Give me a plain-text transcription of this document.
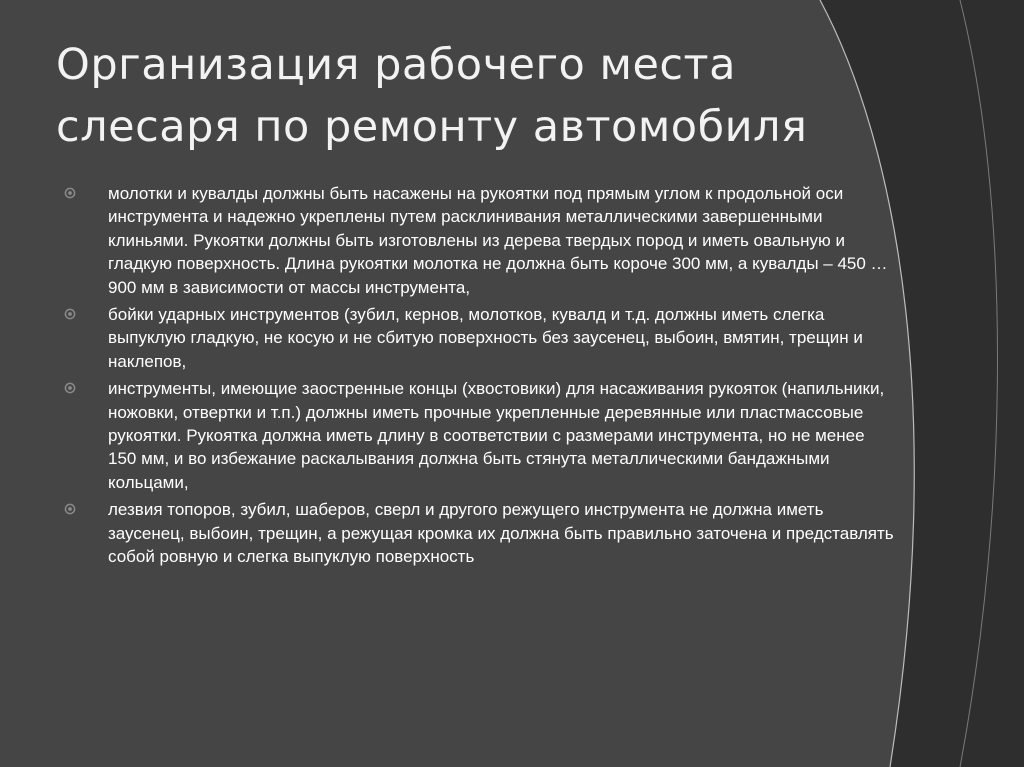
Организация рабочего места
слесаря по ремонту автомобиля
молотки и кувалды должны быть насажены на рукоятки под прямым углом к продольной оси инструмента и надежно укреплены путем расклинивания металлическими завершенными клиньями. Рукоятки должны быть изготовлены из дерева твердых пород и иметь овальную и гладкую поверхность. Длина рукоятки молотка не должна быть короче 300 мм, а кувалды – 450 … 900 мм в зависимости от массы инструмента,
бойки ударных инструментов (зубил, кернов, молотков, кувалд и т.д. должны иметь слегка выпуклую гладкую, не косую и не сбитую поверхность без заусенец, выбоин, вмятин, трещин и наклепов,
инструменты, имеющие заостренные концы (хвостовики) для насаживания рукояток (напильники, ножовки, отвертки и т.п.) должны иметь прочные укрепленные деревянные или пластмассовые рукоятки. Рукоятка должна иметь длину в соответствии с размерами инструмента, но не менее 150 мм, и во избежание раскалывания должна быть стянута металлическими бандажными кольцами,
лезвия топоров, зубил, шаберов, сверл и другого режущего инструмента не должна иметь заусенец, выбоин, трещин, а режущая кромка их должна быть правильно заточена и представлять собой ровную и слегка выпуклую поверхность
